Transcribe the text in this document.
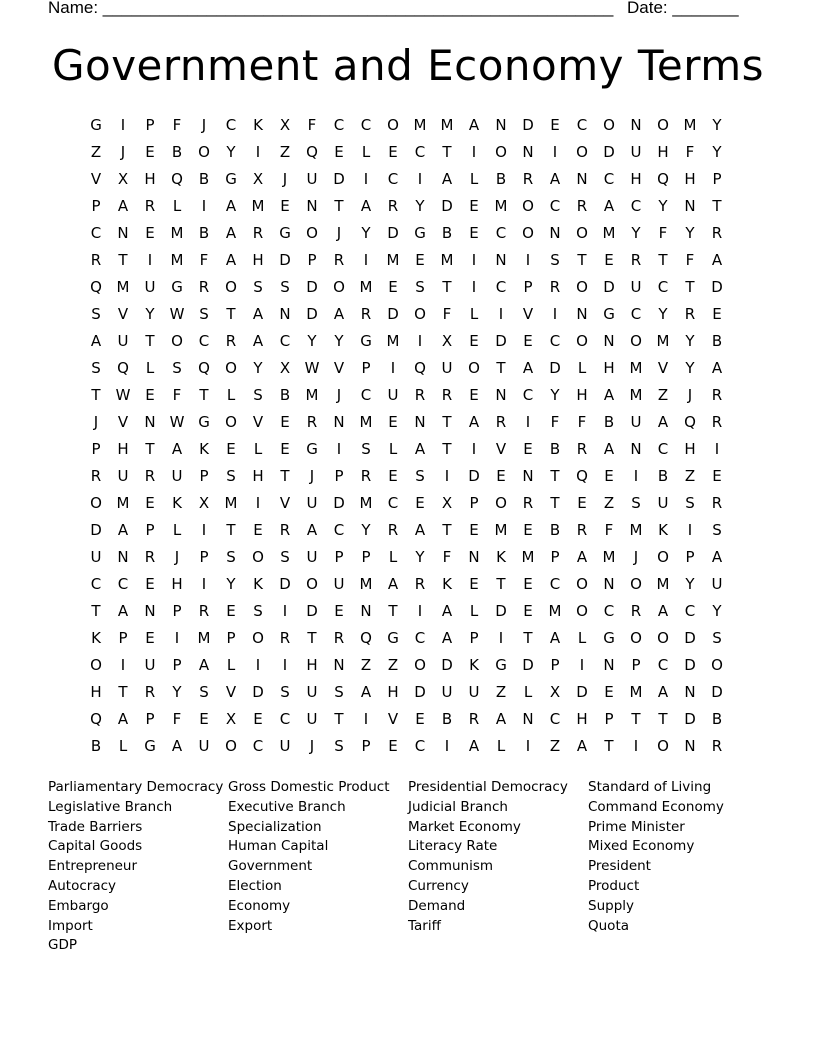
Name: ______________________________________________________ Date: _______
Government and Economy Terms
G	I	P	F	J	C	K	X	F	C	C	O M M	A	N	D	E	C	O	N	O M	Y
Z	J	E	B	O	Y	I	Z	Q	E	L	E	C	T	I	O	N	I	O	D	U	H	F	Y
V	X	H	Q	B	G	X	J	U	D	I	C	I	A	L	B	R	A	N	C	H	Q	H	P
P	A	R	L	I	A	M	E	N	T	A	R	Y	D	E	M O	C	R	A	C	Y	N	T
C	N	E	M	B	A	R	G	O	J	Y	D	G	B	E	C	O	N	O M	Y	F	Y	R
R	T	I	M	F	A	H	D	P	R	I	M	E	M	I	N	I	S	T	E	R	T	F	A
Q M	U	G	R	O	S	S	D	O M	E	S	T	I	C	P	R	O	D	U	C	T	D
S	V	Y	W S	T	A	N	D	A	R	D	O	F	L	I	V	I	N	G	C	Y	R	E
A	U	T	O	C	R	A	C	Y	Y	G M	I	X	E	D	E	C	O	N	O M	Y	B
S	Q	L	S	Q	O	Y	X W V	P	I	Q	U	O	T	A	D	L	H M	V	Y	A
T	W E	F	T	L	S	B	M	J	C	U	R	R	E	N	C	Y	H	A	M	Z	J	R
J	V	N W G	O	V	E	R	N M	E	N	T	A	R	I	F	F	B	U	A	Q	R
P	H	T	A	K	E	L	E	G	I	S	L	A	T	I	V	E	B	R	A	N	C	H	I
R	U	R	U	P	S	H	T	J	P	R	E	S	I	D	E	N	T	Q	E	I	B	Z	E
O M	E	K	X	M	I	V	U	D M	C	E	X	P	O	R	T	E	Z	S	U	S	R
D	A	P	L	I	T	E	R	A	C	Y	R	A	T	E	M	E	B	R	F	M	K	I	S
U	N	R	J	P	S	O	S	U	P	P	L	Y	F	N	K	M	P	A	M	J	O	P	A
C	C	E	H	I	Y	K	D	O	U	M	A	R	K	E	T	E	C	O	N	O M	Y	U
T	A	N	P	R	E	S	I	D	E	N	T	I	A	L	D	E	M O	C	R	A	C	Y
K	P	E	I	M	P	O	R	T	R	Q	G	C	A	P	I	T	A	L	G	O	O	D	S
O	I	U	P	A	L	I	I	H	N	Z	Z	O	D	K	G	D	P	I	N	P	C	D	O
H	T	R	Y	S	V	D	S	U	S	A	H	D	U	U	Z	L	X	D	E	M	A	N	D
Q	A	P	F	E	X	E	C	U	T	I	V	E	B	R	A	N	C	H	P	T	T	D	B
B	L	G	A	U	O	C	U	J	S	P	E	C	I	A	L	I	Z	A	T	I	O	N	R
Parliamentary Democracy
Legislative Branch
Trade Barriers
Capital Goods
Entrepreneur
Autocracy
Embargo
Import
GDP
Gross Domestic Product
Executive Branch
Specialization
Human Capital
Government
Election
Economy
Export
Presidential Democracy
Judicial Branch
Market Economy
Literacy Rate
Communism
Currency
Demand
Tariff
Standard of Living
Command Economy
Prime Minister
Mixed Economy
President
Product
Supply
Quota
